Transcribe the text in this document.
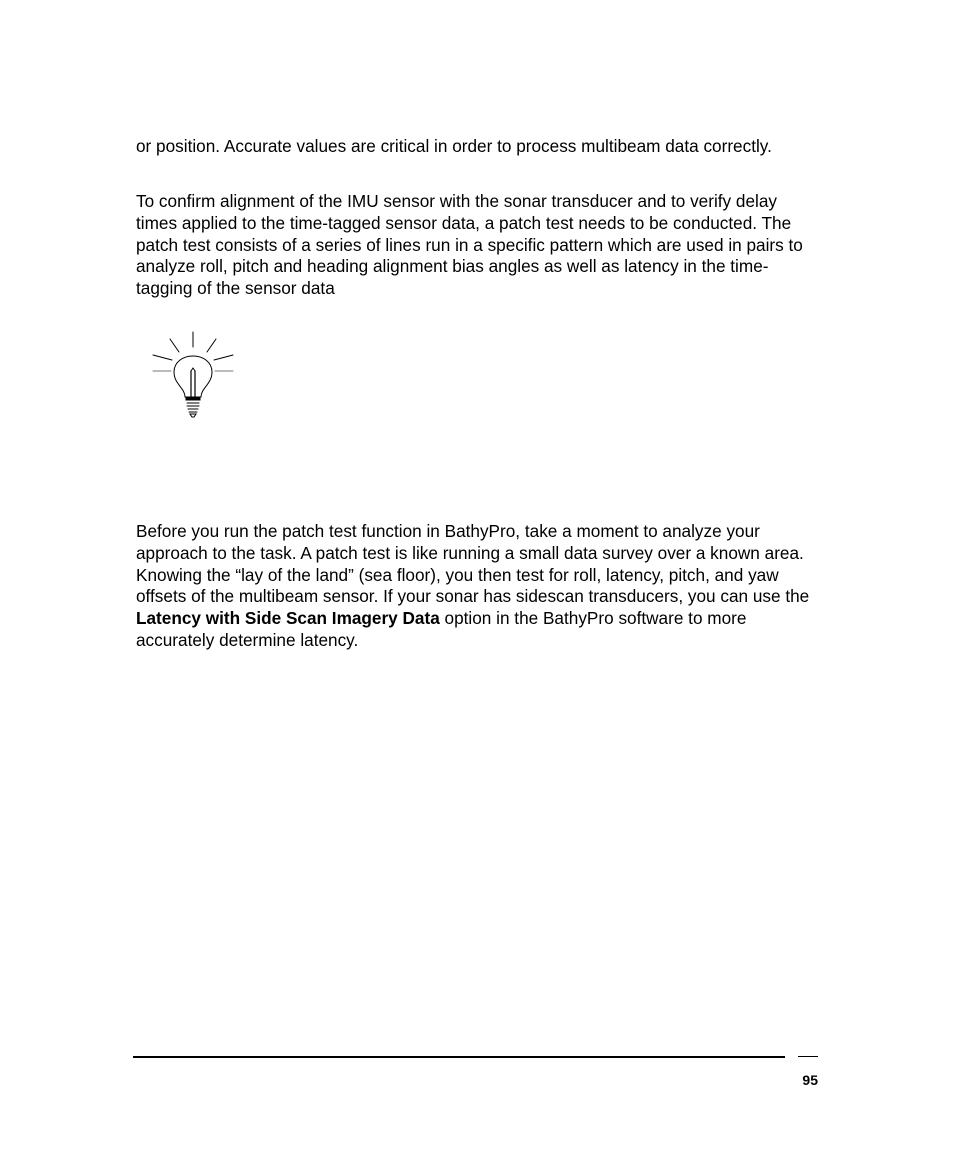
or position. Accurate values are critical in order to process multibeam data correctly.

To confirm alignment of the IMU sensor with the sonar transducer and to verify delay times applied to the time-tagged sensor data, a patch test needs to be conducted. The patch test consists of a series of lines run in a specific pattern which are used in pairs to analyze roll, pitch and heading alignment bias angles as well as latency in the time-tagging of the sensor data

Before you run the patch test function in BathyPro, take a moment to analyze your approach to the task. A patch test is like running a small data survey over a known area. Knowing the “lay of the land” (sea floor), you then test for roll, latency, pitch, and yaw offsets of the multibeam sensor. If your sonar has sidescan transducers, you can use the Latency with Side Scan Imagery Data option in the BathyPro software to more accurately determine latency.

95
